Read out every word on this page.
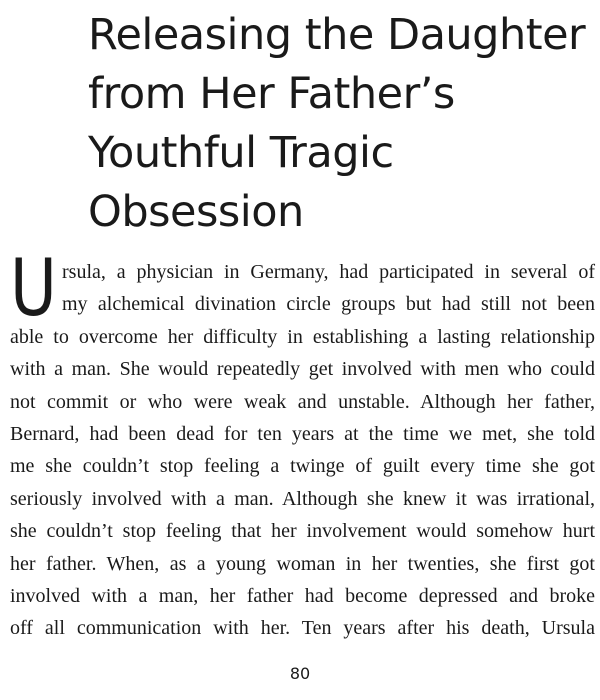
Releasing the Daughter
from Her Father’s
Youthful Tragic
Obsession
U rsula, a physician in Germany, had participated in several of
my alchemical divination circle groups but had still not been
able to overcome her difficulty in establishing a lasting relationship
with a man. She would repeatedly get involved with men who could
not commit or who were weak and unstable. Although her father,
Bernard, had been dead for ten years at the time we met, she told
me she couldn’t stop feeling a twinge of guilt every time she got
seriously involved with a man. Although she knew it was irrational,
she couldn’t stop feeling that her involvement would somehow hurt
her father. When, as a young woman in her twenties, she first got
involved with a man, her father had become depressed and broke
off all communication with her. Ten years after his death, Ursula
80
